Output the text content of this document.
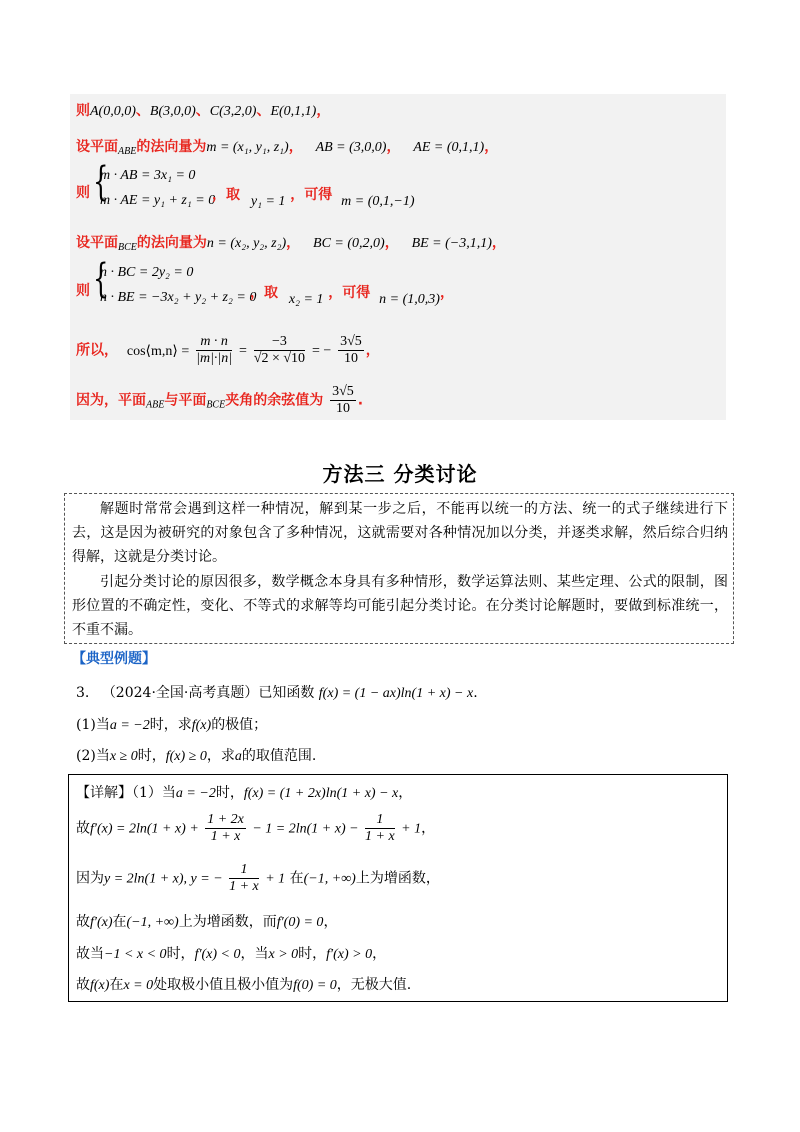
则A(0,0,0)、B(3,0,0)、C(3,2,0)、E(0,1,1)，
设平面$_{ABE}$的法向量为m = (x₁, y₁, z₁)， AB = (3,0,0)， AE = (0,1,1)，
则 {
m · AB = 3x₁ = 0
m · AE = y₁ + z₁ = 0
，取 y₁ = 1 ，可得 m = (0,1,−1)
设平面$_{BCE}$的法向量为n = (x₂, y₂, z₂)， BC = (0,2,0)， BE = (−3,1,1)，
则 {
n · BC = 2y₂ = 0
n · BE = −3x₂ + y₂ + z₂ = 0
，取 x₂ = 1 ，可得 n = (1,0,3)，
所以， cos⟨m,n⟩ = $\frac{m \cdot n}{|m|\cdot|n|} = \frac{-3}{√2 \times √10}$ = − $\frac{3√5}{10}$ ，
因为，平面$_{ABE}$与平面$_{BCE}$夹角的余弦值为 $\frac{3√5}{10}$ .
方法三 分类讨论
解题时常常会遇到这样一种情况，解到某一步之后，不能再以统一的方法、统一的式子继续进行下去，这是因为被研究的对象包含了多种情况，这就需要对各种情况加以分类，并逐类求解，然后综合归纳得解，这就是分类讨论。
引起分类讨论的原因很多，数学概念本身具有多种情形，数学运算法则、某些定理、公式的限制，图形位置的不确定性，变化、不等式的求解等均可能引起分类讨论。在分类讨论解题时，要做到标准统一，不重不漏。
【典型例题】
3. （2024·全国·高考真题）已知函数 f(x) = (1 − ax)ln(1 + x) − x.
(1)当a = −2时，求f(x)的极值；
(2)当x ≥ 0时，f(x) ≥ 0，求a的取值范围.
【详解】（1）当a = −2时，f(x) = (1 + 2x)ln(1 + x) − x，
故$f'(x) = 2\ln(1 + x) + \frac{1 + 2x}{1 + x} - 1 = 2\ln(1 + x) - \frac{1}{1 + x} + 1$，
因为y = 2ln(1 + x), y = − $\frac{1}{1 + x} + 1$ 在(−1, +∞)上为增函数，
故f′(x)在(−1, +∞)上为增函数，而f′(0) = 0，
故当−1 < x < 0时，f′(x) < 0，当x > 0时，f′(x) > 0，
故f(x)在x = 0处取极小值且极小值为f(0) = 0，无极大值.
